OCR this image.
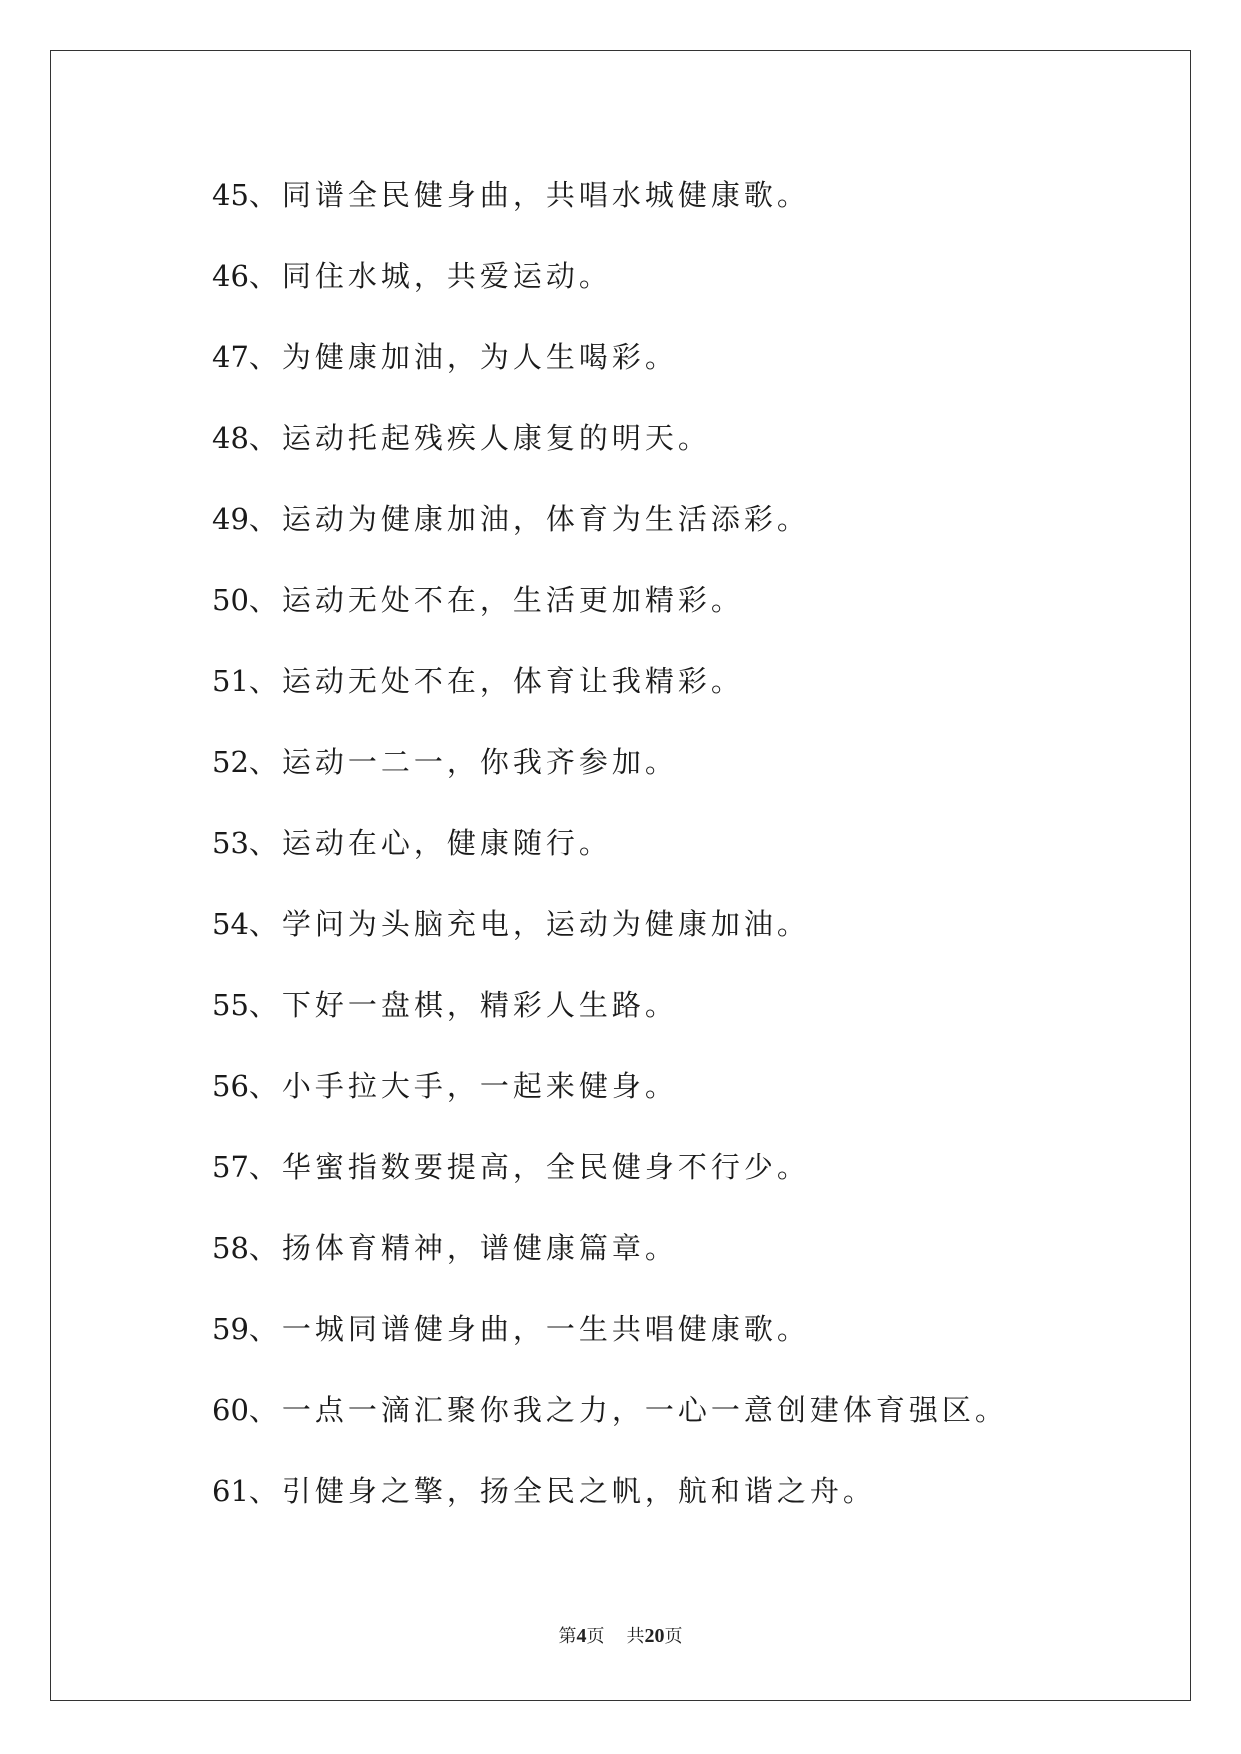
45、同谱全民健身曲，共唱水城健康歌。
46、同住水城，共爱运动。
47、为健康加油，为人生喝彩。
48、运动托起残疾人康复的明天。
49、运动为健康加油，体育为生活添彩。
50、运动无处不在，生活更加精彩。
51、运动无处不在，体育让我精彩。
52、运动一二一，你我齐参加。
53、运动在心，健康随行。
54、学问为头脑充电，运动为健康加油。
55、下好一盘棋，精彩人生路。
56、小手拉大手，一起来健身。
57、华蜜指数要提高，全民健身不行少。
58、扬体育精神，谱健康篇章。
59、一城同谱健身曲，一生共唱健康歌。
60、一点一滴汇聚你我之力，一心一意创建体育强区。
61、引健身之擎，扬全民之帆，航和谐之舟。
第4页 共20页
